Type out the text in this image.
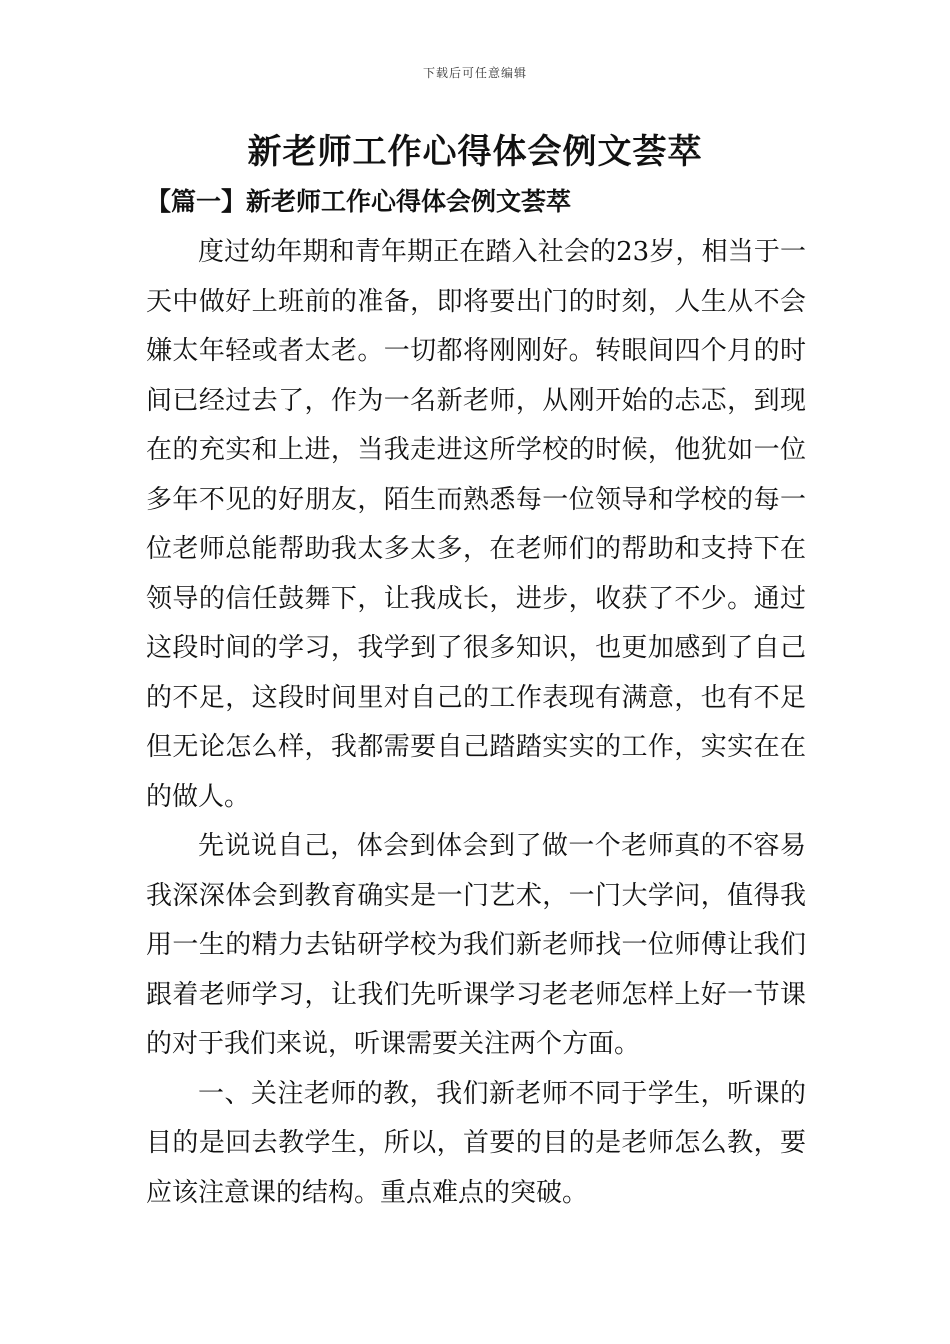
下载后可任意编辑
新老师工作心得体会例文荟萃
【篇一】新老师工作心得体会例文荟萃

度过幼年期和青年期正在踏入社会的23岁，相当于一天中做好上班前的准备，即将要出门的时刻，人生从不会嫌太年轻或者太老。一切都将刚刚好。转眼间四个月的时间已经过去了，作为一名新老师，从刚开始的忐忑，到现在的充实和上进，当我走进这所学校的时候，他犹如一位多年不见的好朋友，陌生而熟悉每一位领导和学校的每一位老师总能帮助我太多太多，在老师们的帮助和支持下在领导的信任鼓舞下，让我成长，进步，收获了不少。通过这段时间的学习，我学到了很多知识，也更加感到了自己的不足，这段时间里对自己的工作表现有满意，也有不足但无论怎么样，我都需要自己踏踏实实的工作，实实在在的做人。

先说说自己，体会到体会到了做一个老师真的不容易我深深体会到教育确实是一门艺术，一门大学问，值得我用一生的精力去钻研学校为我们新老师找一位师傅让我们跟着老师学习，让我们先听课学习老老师怎样上好一节课的对于我们来说，听课需要关注两个方面。

一、关注老师的教，我们新老师不同于学生，听课的目的是回去教学生，所以，首要的目的是老师怎么教，要应该注意课的结构。重点难点的突破。
